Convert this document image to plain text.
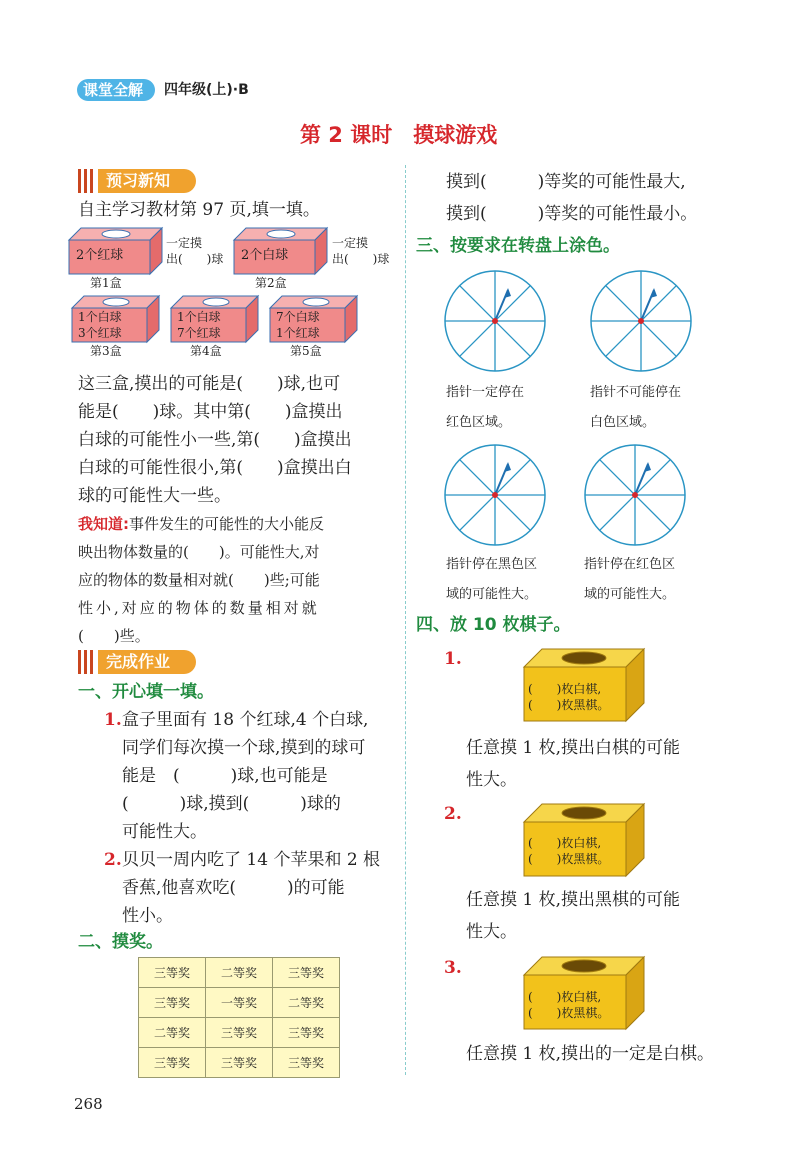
课堂全解 四年级(上)·B
第 2 课时　摸球游戏
预习新知
自主学习教材第 97 页,填一填。
2个红球
第1盒
一定摸
出(　　)球 2个白球
第2盒
一定摸
出(　　)球
1个白球
3个红球
第3盒
1个白球
7个红球
第4盒
7个白球
1个红球
第5盒
这三盒,摸出的可能是(　　)球,也可
能是(　　)球。其中第(　　)盒摸出
白球的可能性小一些,第(　　)盒摸出
白球的可能性很小,第(　　)盒摸出白
球的可能性大一些。
我知道:事件发生的可能性的大小能反
映出物体数量的(　　)。可能性大,对
应的物体的数量相对就(　　)些;可能
性小,对应的物体的数量相对就
(　　)些。
完成作业
一、开心填一填。
1. 盒子里面有 18 个红球,4 个白球,
同学们每次摸一个球,摸到的球可
能是　(　　　)球,也可能是
(　　　)球,摸到(　　　)球的
可能性大。
2. 贝贝一周内吃了 14 个苹果和 2 根
香蕉,他喜欢吃(　　　)的可能
性小。
二、摸奖。
三等奖	二等奖	三等奖
三等奖	一等奖	二等奖
二等奖	三等奖	三等奖
三等奖	三等奖	三等奖
268
摸到(　　　)等奖的可能性最大,
摸到(　　　)等奖的可能性最小。
三、按要求在转盘上涂色。
指针一定停在
红色区域。
指针不可能停在
白色区域。
指针停在黑色区
域的可能性大。
指针停在红色区
域的可能性大。
四、放 10 枚棋子。
1.
(　　)枚白棋,
(　　)枚黑棋。
任意摸 1 枚,摸出白棋的可能
性大。
2.
(　　)枚白棋,
(　　)枚黑棋。
任意摸 1 枚,摸出黑棋的可能
性大。
3.
(　　)枚白棋,
(　　)枚黑棋。
任意摸 1 枚,摸出的一定是白棋。
